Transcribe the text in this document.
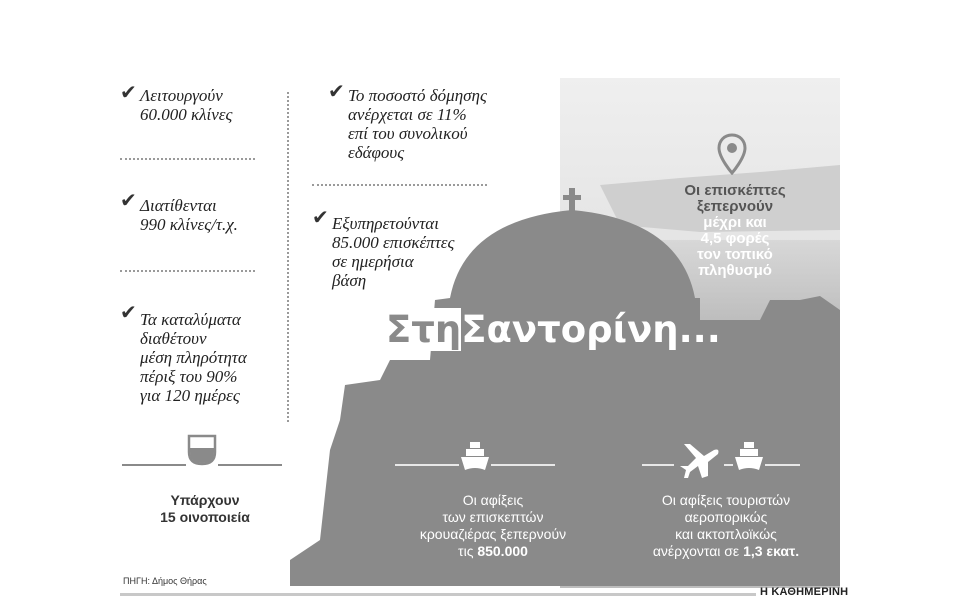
✔ Λειτουργούν
60.000 κλίνες
✔ Διατίθενται
990 κλίνες/τ.χ.
✔ Τα καταλύματα
διαθέτουν
μέση πληρότητα
πέριξ του 90%
για 120 ημέρες
✔ Το ποσοστό δόμησης
ανέρχεται σε 11%
επί του συνολικού
εδάφους
✔ Εξυπηρετούνται
85.000 επισκέπτες
σε ημερήσια
βάση
ΣτηΣαντορίνη...
Οι επισκέπτες
ξεπερνούν
μέχρι και
4,5 φορές
τον τοπικό
πληθυσμό
Υπάρχουν
15 οινοποιεία
Οι αφίξεις
των επισκεπτών
κρουαζιέρας ξεπερνούν
τις 850.000
Οι αφίξεις τουριστών
αεροπορικώς
και ακτοπλοϊκώς
ανέρχονται σε 1,3 εκατ.
ΠΗΓΗ: Δήμος Θήρας
Η ΚΑΘΗΜΕΡΙΝΗ
